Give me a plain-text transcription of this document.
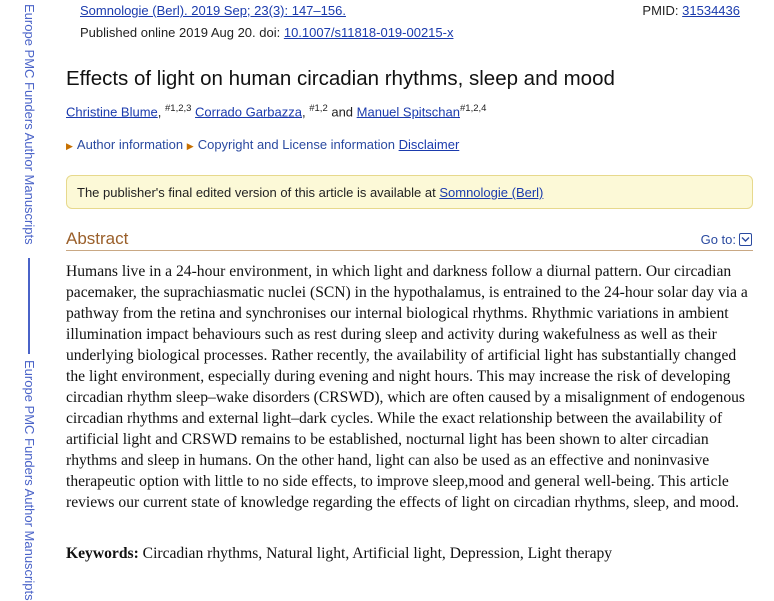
Europe PMC Funders Author Manuscripts
Europe PMC Funders Author Manuscripts
Somnologie (Berl). 2019 Sep; 23(3): 147–156.	PMID: 31534436
Published online 2019 Aug 20. doi: 10.1007/s11818-019-00215-x
Effects of light on human circadian rhythms, sleep and mood
Christine Blume, $^{\#1,2,3}$ Corrado Garbazza, $^{\#1,2}$ and Manuel Spitschan$^{\#1,2,4}$
▶ Author information ▶ Copyright and License information Disclaimer
The publisher's final edited version of this article is available at Somnologie (Berl)
Abstract	Go to:

Humans live in a 24-hour environment, in which light and darkness follow a diurnal pattern. Our circadian pacemaker, the suprachiasmatic nuclei (SCN) in the hypothalamus, is entrained to the 24-hour solar day via a pathway from the retina and synchronises our internal biological rhythms. Rhythmic variations in ambient illumination impact behaviours such as rest during sleep and activity during wakefulness as well as their underlying biological processes. Rather recently, the availability of artificial light has substantially changed the light environment, especially during evening and night hours. This may increase the risk of developing circadian rhythm sleep–wake disorders (CRSWD), which are often caused by a misalignment of endogenous circadian rhythms and external light–dark cycles. While the exact relationship between the availability of artificial light and CRSWD remains to be established, nocturnal light has been shown to alter circadian rhythms and sleep in humans. On the other hand, light can also be used as an effective and noninvasive therapeutic option with little to no side effects, to improve sleep,mood and general well-being. This article reviews our current state of knowledge regarding the effects of light on circadian rhythms, sleep, and mood.

Keywords: Circadian rhythms, Natural light, Artificial light, Depression, Light therapy
